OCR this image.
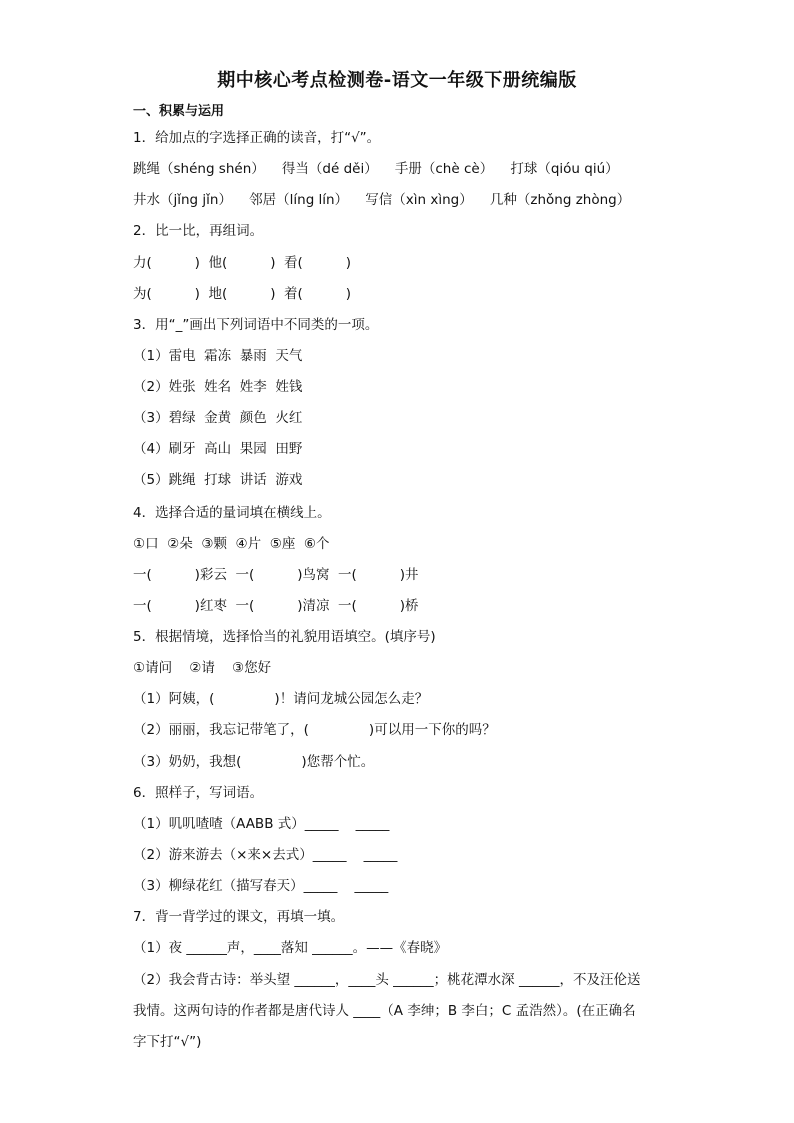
期中核心考点检测卷-语文一年级下册统编版
一、积累与运用
1．给加点的字选择正确的读音，打“√”。
跳绳（shéng shén）    得当（dé děi）    手册（chè cè）    打球（qióu qiú）
井水（jǐng jǐn）    邻居（líng lín）    写信（xìn xìng）    几种（zhǒng zhòng）
2．比一比，再组词。
力(          )  他(          )  看(          )
为(          )  地(          )  着(          )
3．用“_”画出下列词语中不同类的一项。
（1）雷电  霜冻  暴雨  天气
（2）姓张  姓名  姓李  姓钱
（3）碧绿  金黄  颜色  火红
（4）刷牙  高山  果园  田野
（5）跳绳  打球  讲话  游戏
4．选择合适的量词填在横线上。
①口  ②朵  ③颗  ④片  ⑤座  ⑥个
一(          )彩云  一(          )鸟窝  一(          )井
一(          )红枣  一(          )清凉  一(          )桥
5．根据情境，选择恰当的礼貌用语填空。(填序号)
①请问    ②请    ③您好
（1）阿姨，(              )！请问龙城公园怎么走？
（2）丽丽，我忘记带笔了，(              )可以用一下你的吗？
（3）奶奶，我想(              )您帮个忙。
6．照样子，写词语。
（1）叽叽喳喳（AABB 式）_____    _____
（2）游来游去（×来×去式）_____    _____
（3）柳绿花红（描写春天）_____    _____
7．背一背学过的课文，再填一填。
（1）夜 ______声，____落知 ______。——《春晓》
（2）我会背古诗：举头望 ______，____头 ______；桃花潭水深 ______，不及汪伦送
我情。这两句诗的作者都是唐代诗人 ____（A 李绅；B 李白；C 孟浩然）。(在正确名
字下打“√”)
